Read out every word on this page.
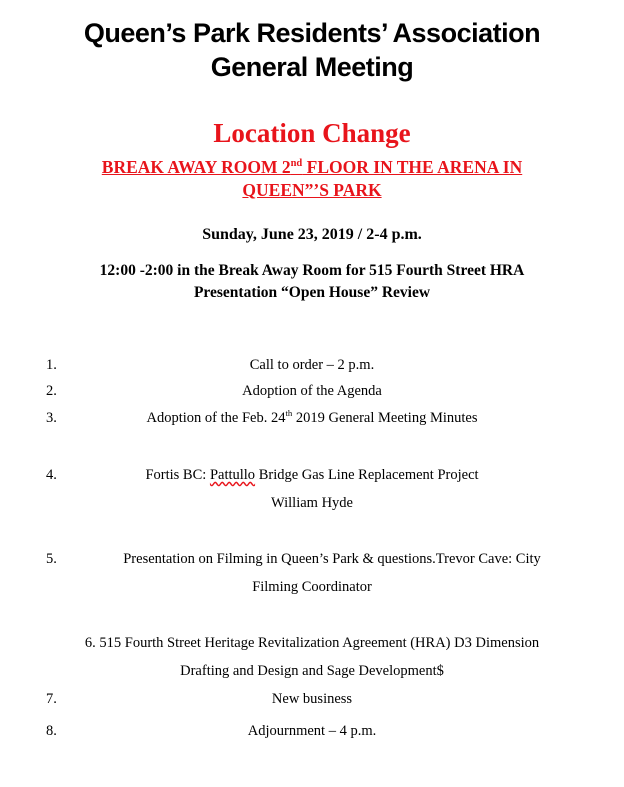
Queen’s Park Residents’ Association
General Meeting
Location Change
BREAK AWAY ROOM 2nd FLOOR IN THE ARENA IN
QUEEN”’S PARK
Sunday, June 23, 2019 / 2-4 p.m.
12:00 -2:00 in the Break Away Room for 515 Fourth Street HRA
Presentation “Open House” Review
1.	Call to order – 2 p.m.
2.	Adoption of the Agenda
3.	Adoption of the Feb. 24th 2019 General Meeting Minutes
4.	Fortis BC: Pattullo Bridge Gas Line Replacement Project
William Hyde
5.	Presentation on Filming in Queen’s Park & questions.Trevor Cave: City
Filming Coordinator
6. 515 Fourth Street Heritage Revitalization Agreement (HRA) D3 Dimension
Drafting and Design and Sage Development$
7.	New business
8.	Adjournment – 4 p.m.
